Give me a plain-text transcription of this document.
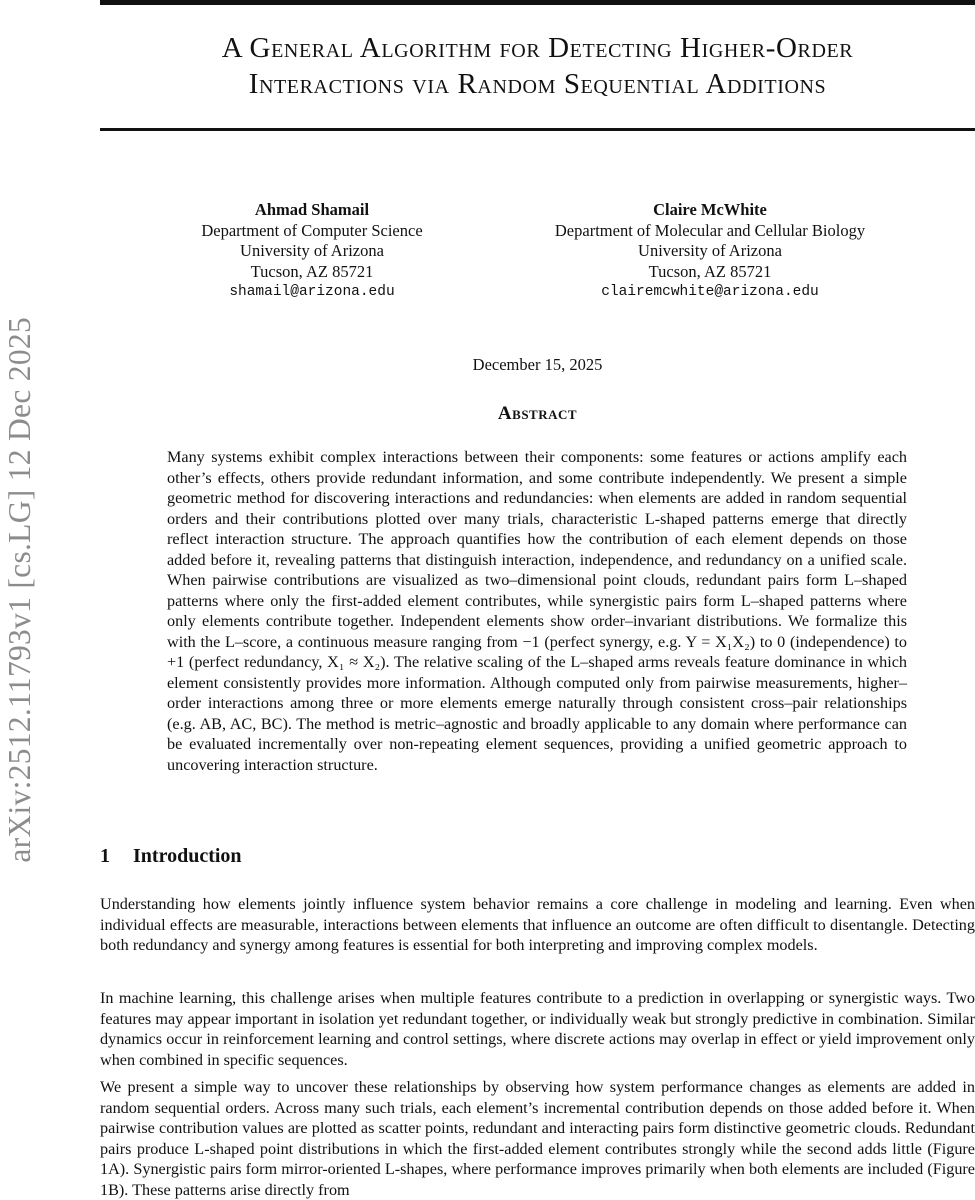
A General Algorithm for Detecting Higher-Order
Interactions via Random Sequential Additions
arXiv:2512.11793v1 [cs.LG] 12 Dec 2025
Ahmad Shamail
Department of Computer Science
University of Arizona
Tucson, AZ 85721
shamail@arizona.edu
Claire McWhite
Department of Molecular and Cellular Biology
University of Arizona
Tucson, AZ 85721
clairemcwhite@arizona.edu
December 15, 2025
Abstract

Many systems exhibit complex interactions between their components: some features or actions amplify each other’s effects, others provide redundant information, and some contribute independently. We present a simple geometric method for discovering interactions and redundancies: when elements are added in random sequential orders and their contributions plotted over many trials, characteristic L-shaped patterns emerge that directly reflect interaction structure. The approach quantifies how the contribution of each element depends on those added before it, revealing patterns that distinguish interaction, independence, and redundancy on a unified scale. When pairwise contributions are visualized as two–dimensional point clouds, redundant pairs form L–shaped patterns where only the first-added element contributes, while synergistic pairs form L–shaped patterns where only elements contribute together. Independent elements show order–invariant distributions. We formalize this with the L–score, a continuous measure ranging from −1 (perfect synergy, e.g. Y = X₁X₂) to 0 (independence) to +1 (perfect redundancy, X₁ ≈ X₂). The relative scaling of the L–shaped arms reveals feature dominance in which element consistently provides more information. Although computed only from pairwise measurements, higher–order interactions among three or more elements emerge naturally through consistent cross–pair relationships (e.g. AB, AC, BC). The method is metric–agnostic and broadly applicable to any domain where performance can be evaluated incrementally over non-repeating element sequences, providing a unified geometric approach to uncovering interaction structure.

1 Introduction

Understanding how elements jointly influence system behavior remains a core challenge in modeling and learning. Even when individual effects are measurable, interactions between elements that influence an outcome are often difficult to disentangle. Detecting both redundancy and synergy among features is essential for both interpreting and improving complex models.

In machine learning, this challenge arises when multiple features contribute to a prediction in overlapping or synergistic ways. Two features may appear important in isolation yet redundant together, or individually weak but strongly predictive in combination. Similar dynamics occur in reinforcement learning and control settings, where discrete actions may overlap in effect or yield improvement only when combined in specific sequences.

We present a simple way to uncover these relationships by observing how system performance changes as elements are added in random sequential orders. Across many such trials, each element’s incremental contribution depends on those added before it. When pairwise contribution values are plotted as scatter points, redundant and interacting pairs form distinctive geometric clouds. Redundant pairs produce L-shaped point distributions in which the first-added element contributes strongly while the second adds little (Figure 1A). Synergistic pairs form mirror-oriented L-shapes, where performance improves primarily when both elements are included (Figure 1B). These patterns arise directly from
